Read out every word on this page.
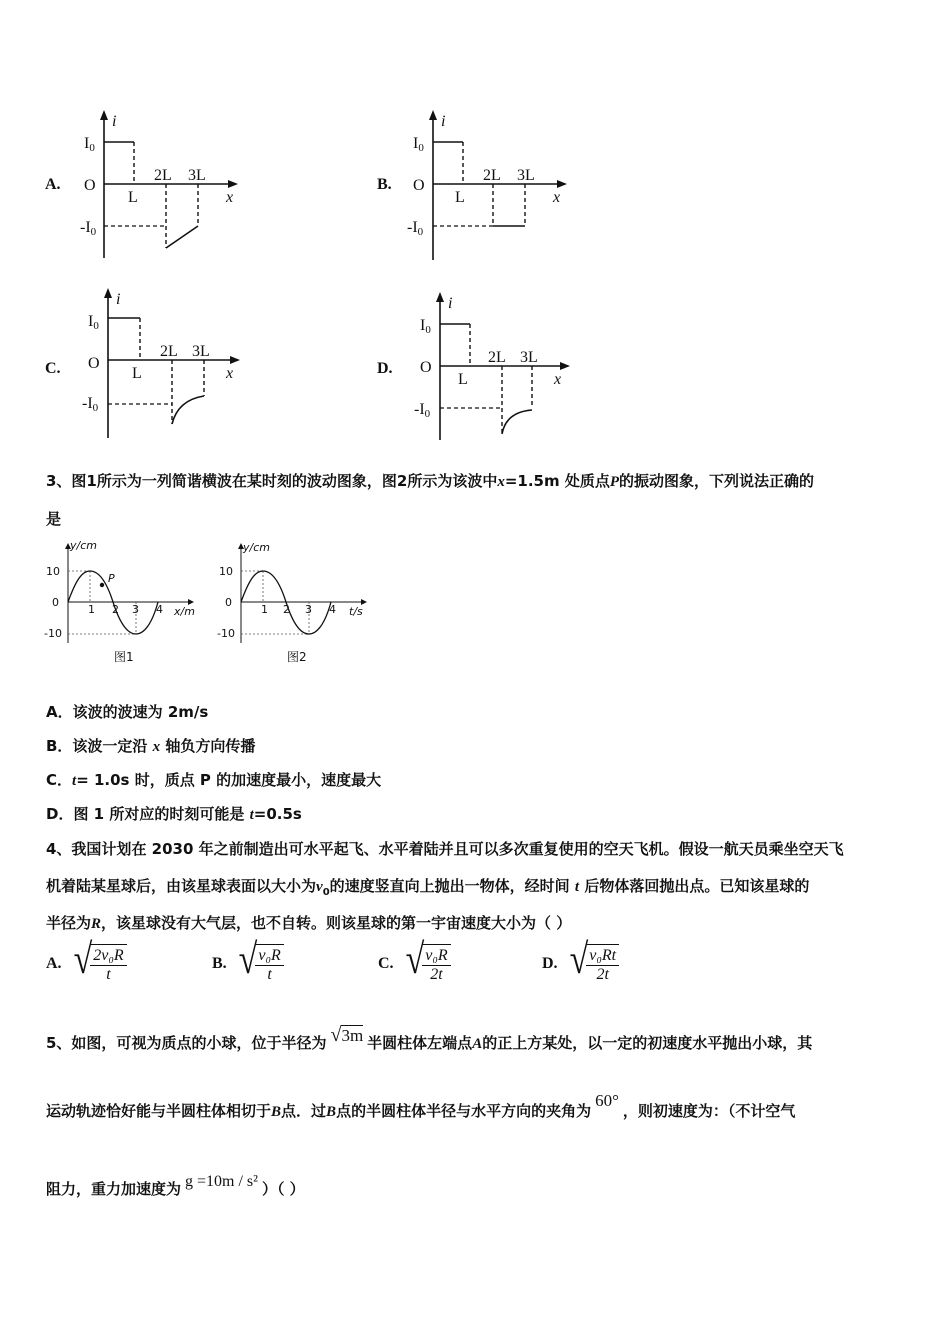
A.
i
x
O
I0
-I0
L
2L 3L
B.
i
x
O
I0
-I0
L
2L 3L
C.
i
x
O
I0
-I0
L
2L 3L
D.
i
x
O
I0
-I0
L
2L 3L
3、图1所示为一列简谐横波在某时刻的波动图象，图2所示为该波中x=1.5m 处质点P的振动图象，下列说法正确的
是
y/cm
x/m
10
0
-10
1 2 3 4
P
图1
y/cm
t/s
10
0
-10
1 2 3 4
图2
A．该波的波速为 2m/s
B．该波一定沿 x 轴负方向传播
C．t= 1.0s 时，质点 P 的加速度最小，速度最大
D．图 1 所对应的时刻可能是 t=0.5s
4、我国计划在 2030 年之前制造出可水平起飞、水平着陆并且可以多次重复使用的空天飞机。假设一航天员乘坐空天飞
机着陆某星球后，由该星球表面以大小为$v_0$的速度竖直向上抛出一物体，经时间 t 后物体落回抛出点。已知该星球的
半径为R，该星球没有大气层，也不自转。则该星球的第一宇宙速度大小为（ ）
A. √
$\frac{\text{2v₀R}}{t}$	B. √
$\frac{\text{v₀R}}{t}$	C. √
$\frac{\text{v₀R}}{2t}$	D. √
$\frac{\text{v₀Rt}}{2t}$
5、如图，可视为质点的小球，位于半径为 √3m 半圆柱体左端点 A 的正上方某处，以一定的初速度水平抛出小球，其
运动轨迹恰好能与半圆柱体相切于 B 点．过 B 点的半圆柱体半径与水平方向的夹角为
60°
，则初速度为：（不计空气
阻力，重力加速度为 g =10m / s² ）（ ）
